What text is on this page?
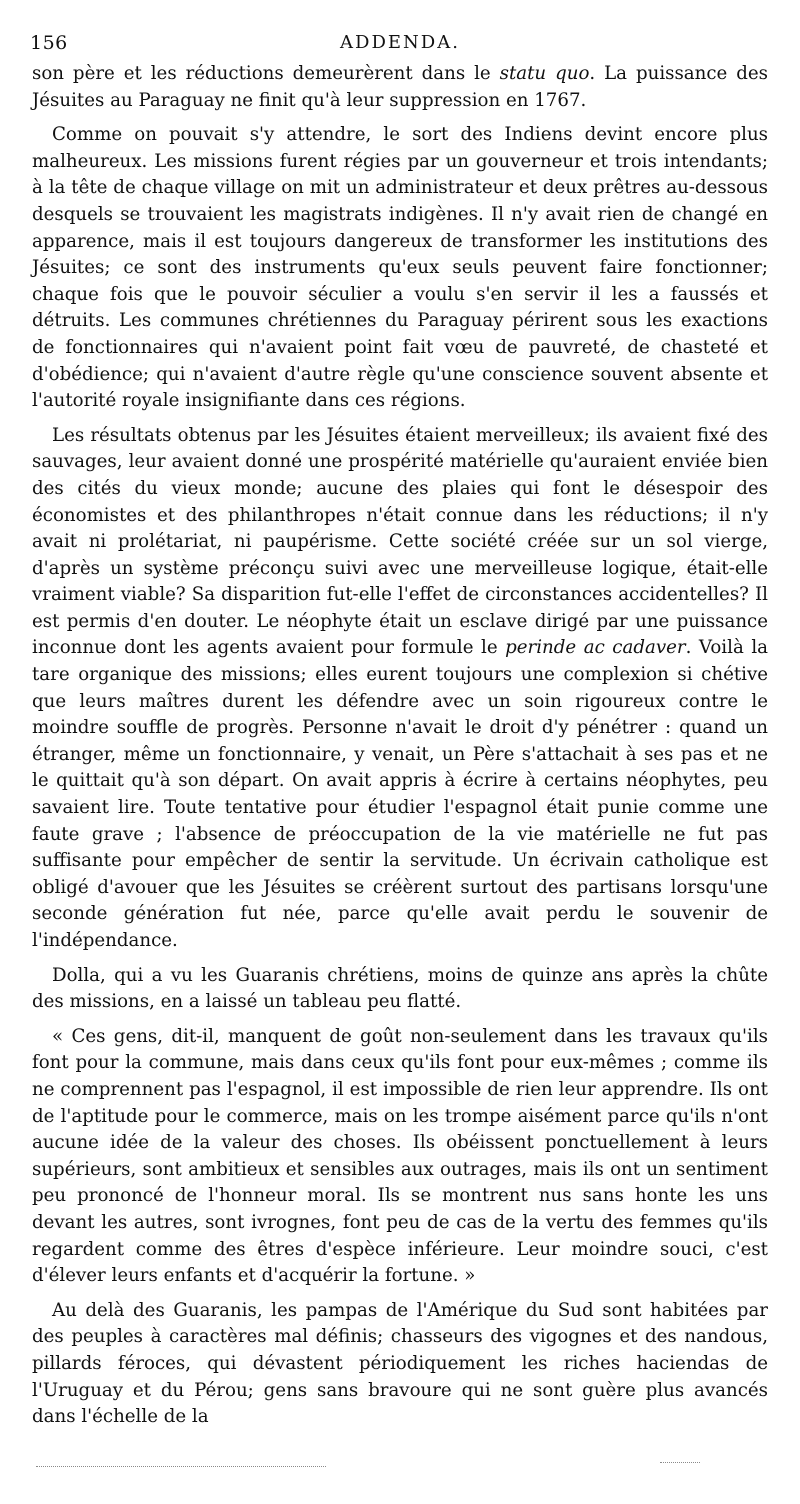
156	ADDENDA.

son père et les réductions demeurèrent dans le statu quo. La puissance des Jésuites au Paraguay ne finit qu'à leur suppression en 1767.

Comme on pouvait s'y attendre, le sort des Indiens devint encore plus malheureux. Les missions furent régies par un gouverneur et trois intendants; à la tête de chaque village on mit un administrateur et deux prêtres au-dessous desquels se trouvaient les magistrats indigènes. Il n'y avait rien de changé en apparence, mais il est toujours dangereux de transformer les institutions des Jésuites; ce sont des instruments qu'eux seuls peuvent faire fonctionner; chaque fois que le pouvoir séculier a voulu s'en servir il les a faussés et détruits. Les communes chrétiennes du Paraguay périrent sous les exactions de fonctionnaires qui n'avaient point fait vœu de pauvreté, de chasteté et d'obédience; qui n'avaient d'autre règle qu'une conscience souvent absente et l'autorité royale insignifiante dans ces régions.

Les résultats obtenus par les Jésuites étaient merveilleux; ils avaient fixé des sauvages, leur avaient donné une prospérité matérielle qu'auraient enviée bien des cités du vieux monde; aucune des plaies qui font le désespoir des économistes et des philanthropes n'était connue dans les réductions; il n'y avait ni prolétariat, ni paupérisme. Cette société créée sur un sol vierge, d'après un système préconçu suivi avec une merveilleuse logique, était-elle vraiment viable? Sa disparition fut-elle l'effet de circonstances accidentelles? Il est permis d'en douter. Le néophyte était un esclave dirigé par une puissance inconnue dont les agents avaient pour formule le perinde ac cadaver. Voilà la tare organique des missions; elles eurent toujours une complexion si chétive que leurs maîtres durent les défendre avec un soin rigoureux contre le moindre souffle de progrès. Personne n'avait le droit d'y pénétrer : quand un étranger, même un fonctionnaire, y venait, un Père s'attachait à ses pas et ne le quittait qu'à son départ. On avait appris à écrire à certains néophytes, peu savaient lire. Toute tentative pour étudier l'espagnol était punie comme une faute grave ; l'absence de préoccupation de la vie matérielle ne fut pas suffisante pour empêcher de sentir la servitude. Un écrivain catholique est obligé d'avouer que les Jésuites se créèrent surtout des partisans lorsqu'une seconde génération fut née, parce qu'elle avait perdu le souvenir de l'indépendance.

Dolla, qui a vu les Guaranis chrétiens, moins de quinze ans après la chûte des missions, en a laissé un tableau peu flatté.

« Ces gens, dit-il, manquent de goût non-seulement dans les travaux qu'ils font pour la commune, mais dans ceux qu'ils font pour eux-mêmes ; comme ils ne comprennent pas l'espagnol, il est impossible de rien leur apprendre. Ils ont de l'aptitude pour le commerce, mais on les trompe aisément parce qu'ils n'ont aucune idée de la valeur des choses. Ils obéissent ponctuellement à leurs supérieurs, sont ambitieux et sensibles aux outrages, mais ils ont un sentiment peu prononcé de l'honneur moral. Ils se montrent nus sans honte les uns devant les autres, sont ivrognes, font peu de cas de la vertu des femmes qu'ils regardent comme des êtres d'espèce inférieure. Leur moindre souci, c'est d'élever leurs enfants et d'acquérir la fortune. »

Au delà des Guaranis, les pampas de l'Amérique du Sud sont habitées par des peuples à caractères mal définis; chasseurs des vigognes et des nandous, pillards féroces, qui dévastent périodiquement les riches haciendas de l'Uruguay et du Pérou; gens sans bravoure qui ne sont guère plus avancés dans l'échelle de la
